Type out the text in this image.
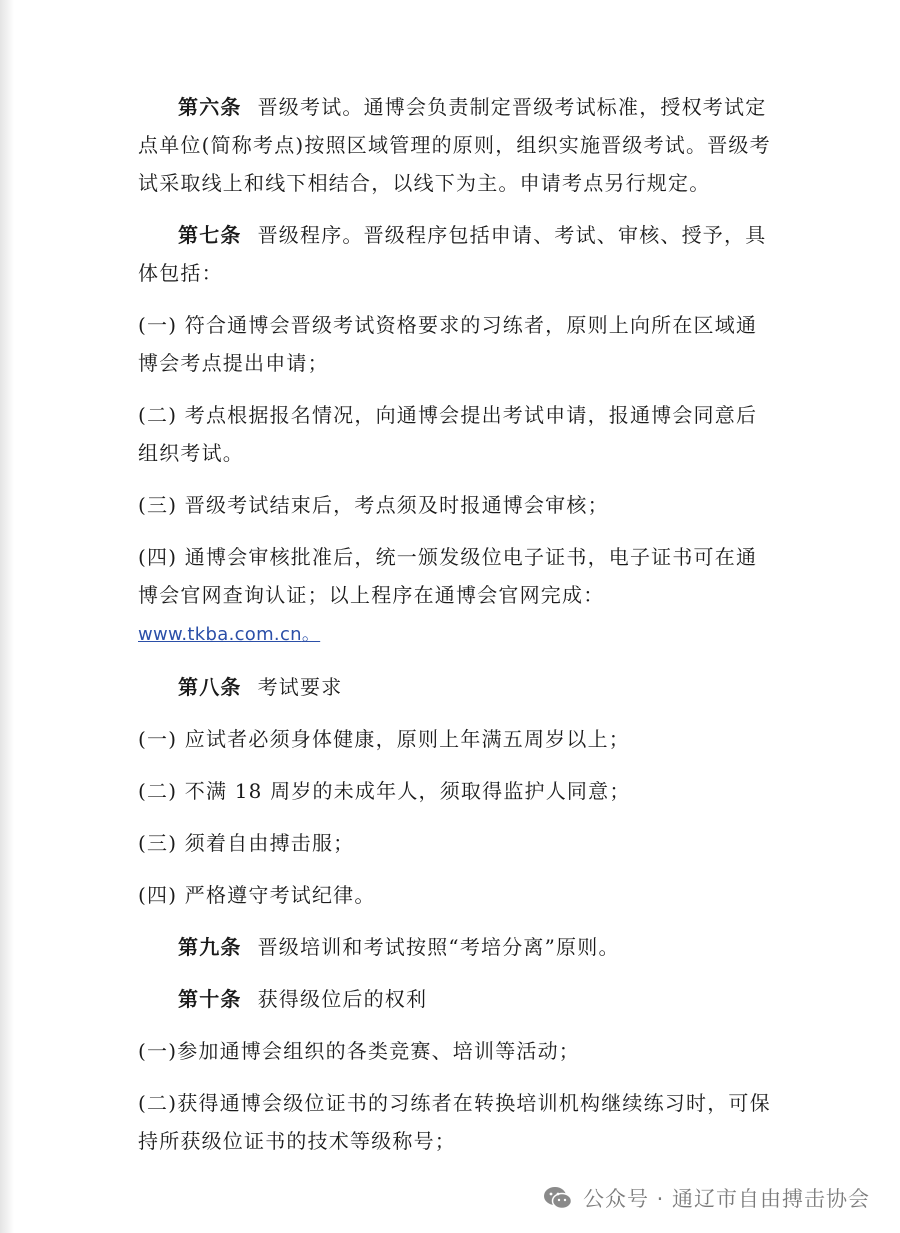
第六条 晋级考试。通博会负责制定晋级考试标准，授权考试定点单位(简称考点)按照区域管理的原则，组织实施晋级考试。晋级考试采取线上和线下相结合，以线下为主。申请考点另行规定。

第七条 晋级程序。晋级程序包括申请、考试、审核、授予，具体包括：

(一) 符合通博会晋级考试资格要求的习练者，原则上向所在区域通博会考点提出申请；

(二) 考点根据报名情况，向通博会提出考试申请，报通博会同意后组织考试。

(三) 晋级考试结束后，考点须及时报通博会审核；

(四) 通博会审核批准后，统一颁发级位电子证书，电子证书可在通博会官网查询认证；以上程序在通博会官网完成：www.tkba.com.cn。

第八条 考试要求

(一) 应试者必须身体健康，原则上年满五周岁以上；

(二) 不满 18 周岁的未成年人，须取得监护人同意；

(三) 须着自由搏击服；

(四) 严格遵守考试纪律。

第九条 晋级培训和考试按照“考培分离”原则。

第十条 获得级位后的权利

(一)参加通博会组织的各类竞赛、培训等活动；

(二)获得通博会级位证书的习练者在转换培训机构继续练习时，可保持所获级位证书的技术等级称号；

公众号 · 通辽市自由搏击协会
